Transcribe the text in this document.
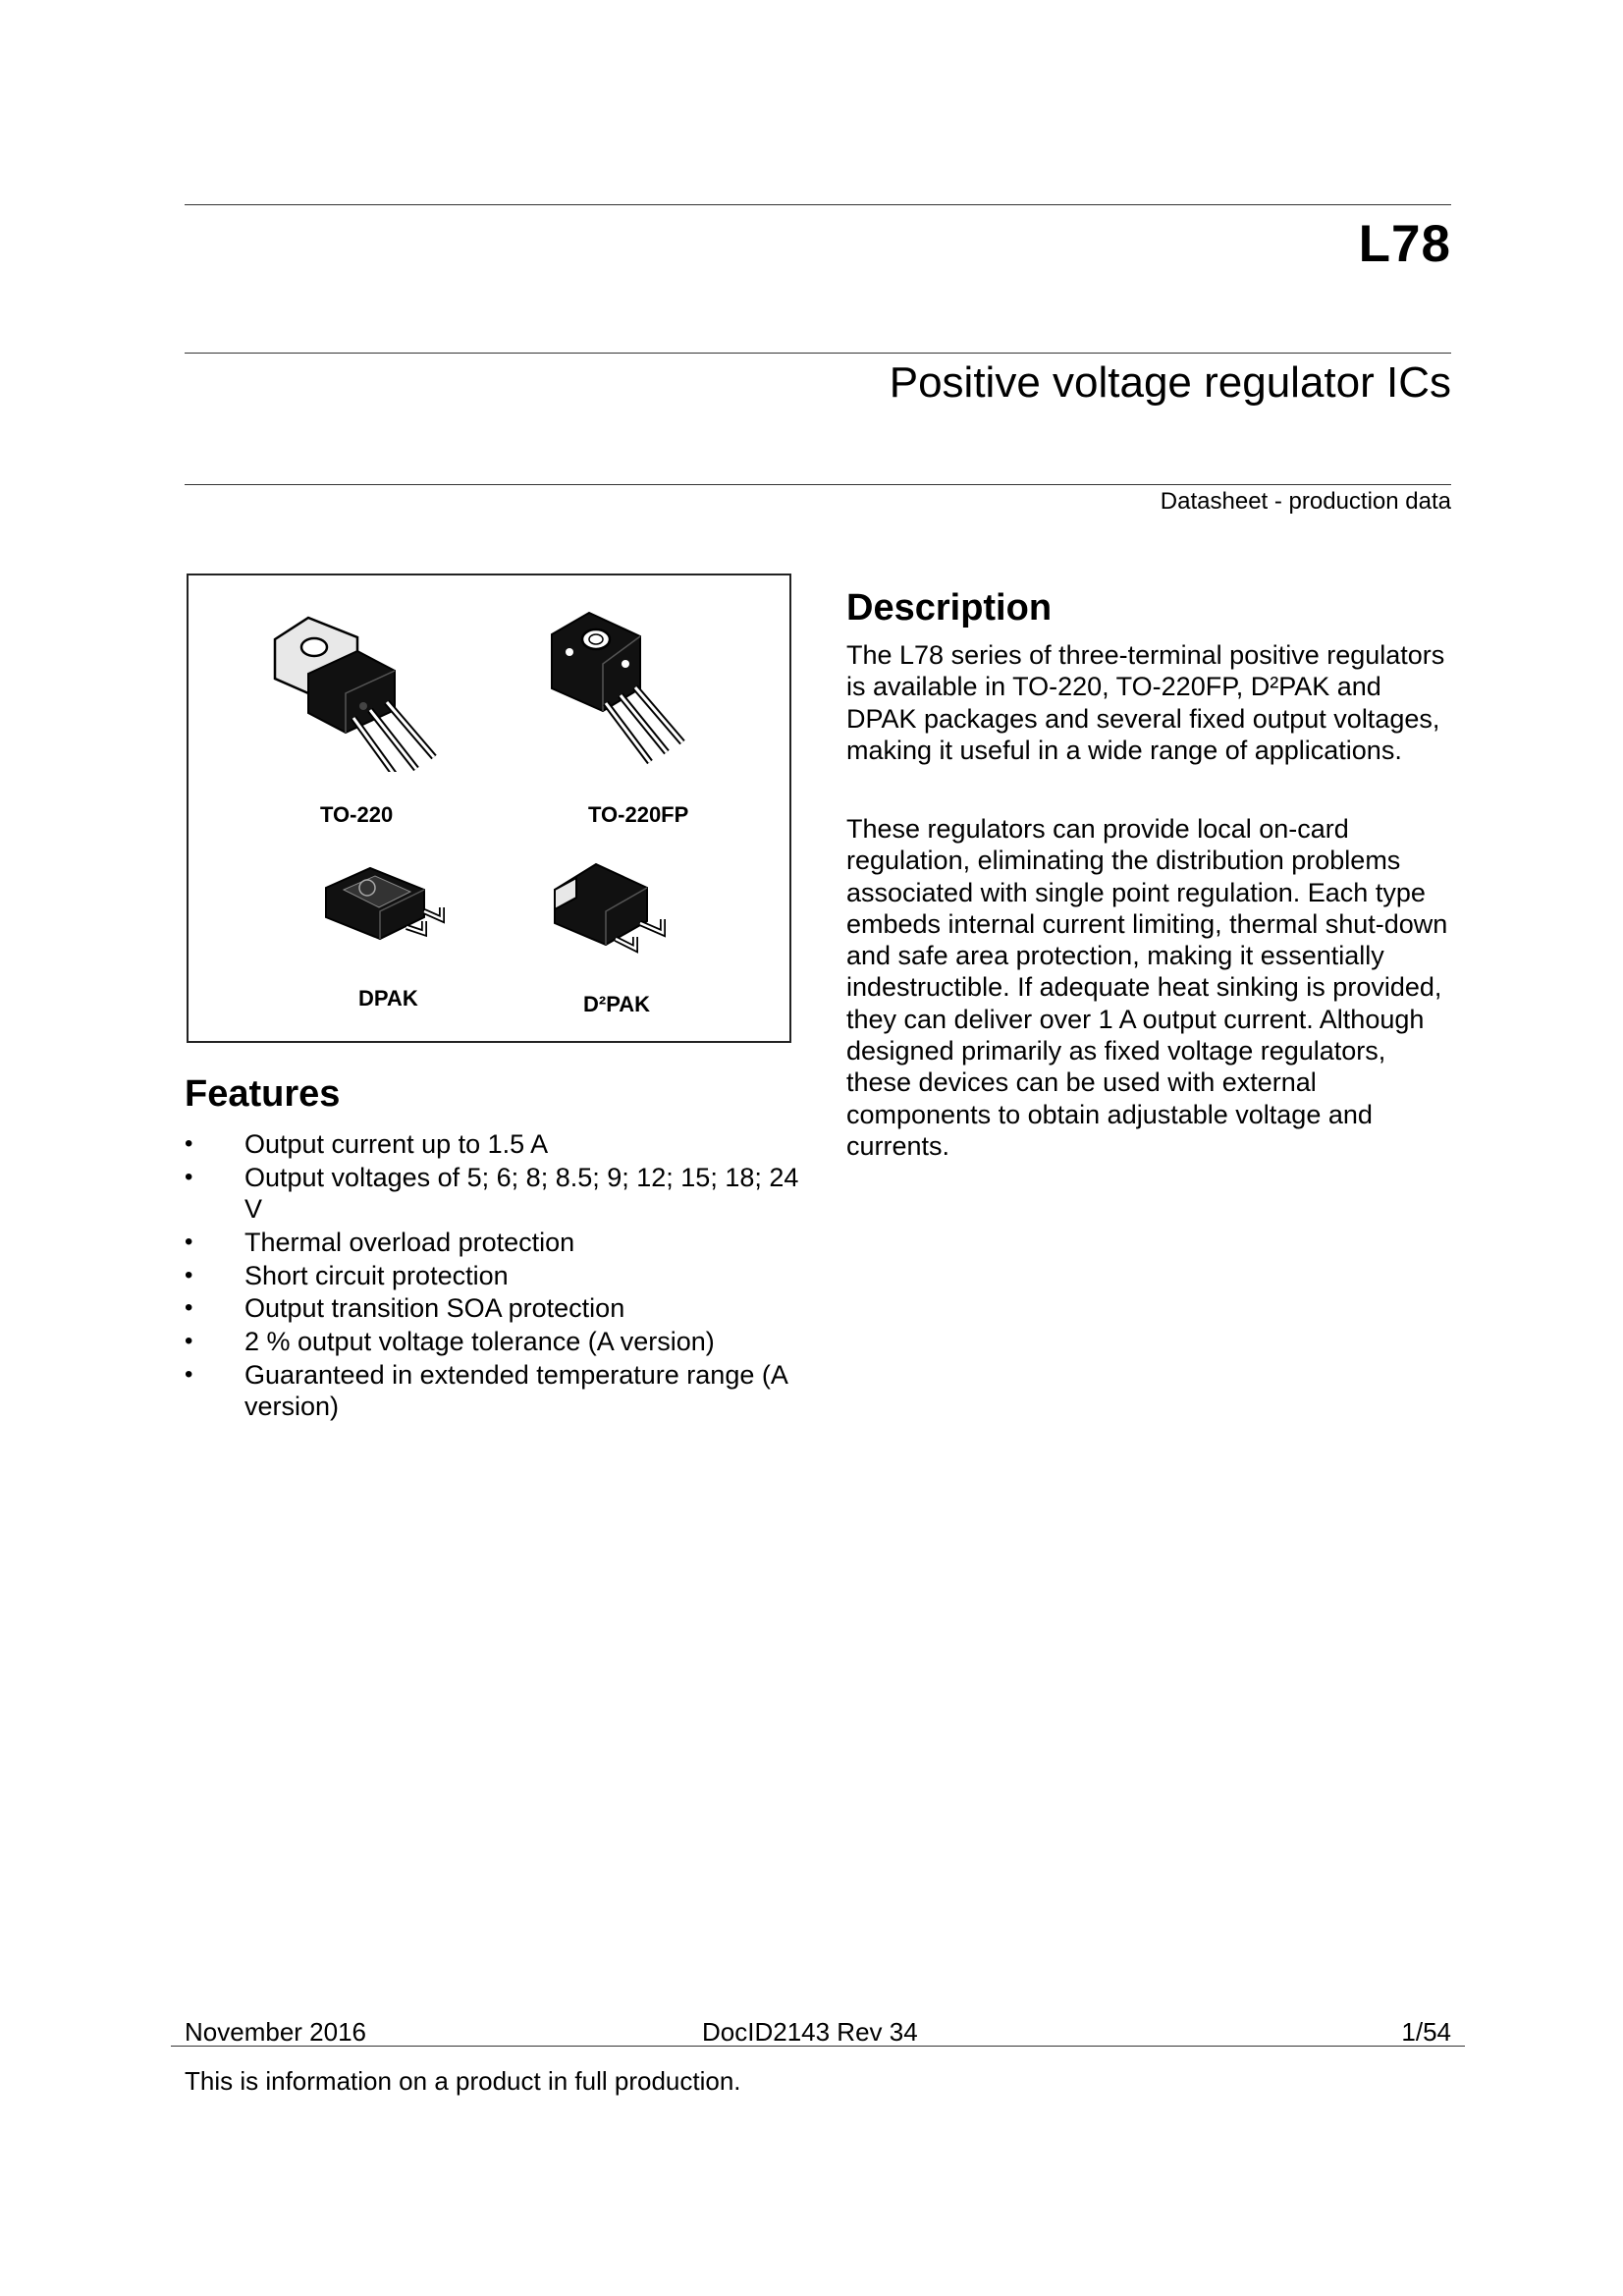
L78
Positive voltage regulator ICs
Datasheet - production data
TO-220	TO-220FP
DPAK	D²PAK
Description

The L78 series of three-terminal positive regulators is available in TO-220, TO-220FP, D²PAK and DPAK packages and several fixed output voltages, making it useful in a wide range of applications.

These regulators can provide local on-card regulation, eliminating the distribution problems associated with single point regulation. Each type embeds internal current limiting, thermal shut-down and safe area protection, making it essentially indestructible. If adequate heat sinking is provided, they can deliver over 1 A output current. Although designed primarily as fixed voltage regulators, these devices can be used with external components to obtain adjustable voltage and currents.

Features
• Output current up to 1.5 A
• Output voltages of 5; 6; 8; 8.5; 9; 12; 15; 18; 24 V
• Thermal overload protection
• Short circuit protection
• Output transition SOA protection
• 2 % output voltage tolerance (A version)
• Guaranteed in extended temperature range (A version)
November 2016	DocID2143 Rev 34	1/54
This is information on a product in full production.
